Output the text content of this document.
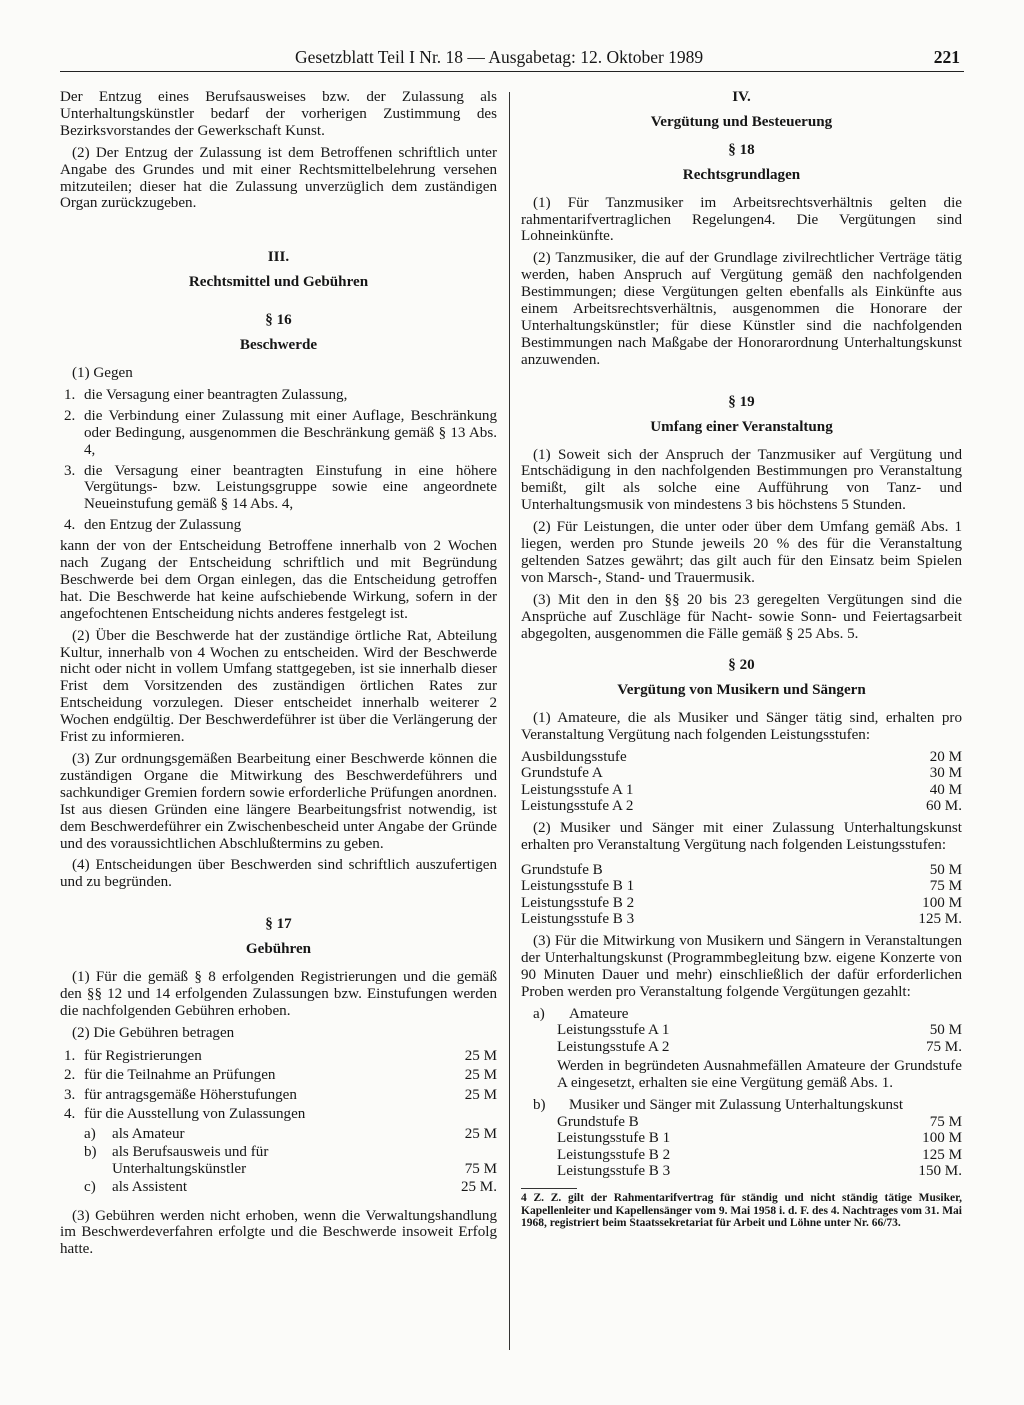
Gesetzblatt Teil I Nr. 18 — Ausgabetag: 12. Oktober 1989	221

Der Entzug eines Berufsausweises bzw. der Zulassung als Unterhaltungskünstler bedarf der vorherigen Zustimmung des Bezirksvorstandes der Gewerkschaft Kunst.

(2) Der Entzug der Zulassung ist dem Betroffenen schriftlich unter Angabe des Grundes und mit einer Rechtsmittelbelehrung versehen mitzuteilen; dieser hat die Zulassung unverzüglich dem zuständigen Organ zurückzugeben.

III.
Rechtsmittel und Gebühren
§ 16
Beschwerde

(1) Gegen

1. die Versagung einer beantragten Zulassung,
2. die Verbindung einer Zulassung mit einer Auflage, Beschränkung oder Bedingung, ausgenommen die Beschränkung gemäß § 13 Abs. 4,
3. die Versagung einer beantragten Einstufung in eine höhere Vergütungs- bzw. Leistungsgruppe sowie eine angeordnete Neueinstufung gemäß § 14 Abs. 4,
4. den Entzug der Zulassung

kann der von der Entscheidung Betroffene innerhalb von 2 Wochen nach Zugang der Entscheidung schriftlich und mit Begründung Beschwerde bei dem Organ einlegen, das die Entscheidung getroffen hat. Die Beschwerde hat keine aufschiebende Wirkung, sofern in der angefochtenen Entscheidung nichts anderes festgelegt ist.

(2) Über die Beschwerde hat der zuständige örtliche Rat, Abteilung Kultur, innerhalb von 4 Wochen zu entscheiden. Wird der Beschwerde nicht oder nicht in vollem Umfang stattgegeben, ist sie innerhalb dieser Frist dem Vorsitzenden des zuständigen örtlichen Rates zur Entscheidung vorzulegen. Dieser entscheidet innerhalb weiterer 2 Wochen endgültig. Der Beschwerdeführer ist über die Verlängerung der Frist zu informieren.

(3) Zur ordnungsgemäßen Bearbeitung einer Beschwerde können die zuständigen Organe die Mitwirkung des Beschwerdeführers und sachkundiger Gremien fordern sowie erforderliche Prüfungen anordnen. Ist aus diesen Gründen eine längere Bearbeitungsfrist notwendig, ist dem Beschwerdeführer ein Zwischenbescheid unter Angabe der Gründe und des voraussichtlichen Abschlußtermins zu geben.

(4) Entscheidungen über Beschwerden sind schriftlich auszufertigen und zu begründen.

§ 17
Gebühren

(1) Für die gemäß § 8 erfolgenden Registrierungen und die gemäß den §§ 12 und 14 erfolgenden Zulassungen bzw. Einstufungen werden die nachfolgenden Gebühren erhoben.

(2) Die Gebühren betragen

1. für Registrierungen	25 M
2. für die Teilnahme an Prüfungen	25 M
3. für antragsgemäße Höherstufungen	25 M
4. für die Ausstellung von Zulassungen
a)	als Amateur	25 M
b)	als Berufsausweis und für Unterhaltungskünstler	75 M
c)	als Assistent	25 M.

(3) Gebühren werden nicht erhoben, wenn die Verwaltungshandlung im Beschwerdeverfahren erfolgte und die Beschwerde insoweit Erfolg hatte.

IV.
Vergütung und Besteuerung
§ 18
Rechtsgrundlagen

(1) Für Tanzmusiker im Arbeitsrechtsverhältnis gelten die rahmentarifvertraglichen Regelungen4. Die Vergütungen sind Lohneinkünfte.

(2) Tanzmusiker, die auf der Grundlage zivilrechtlicher Verträge tätig werden, haben Anspruch auf Vergütung gemäß den nachfolgenden Bestimmungen; diese Vergütungen gelten ebenfalls als Einkünfte aus einem Arbeitsrechtsverhältnis, ausgenommen die Honorare der Unterhaltungskünstler; für diese Künstler sind die nachfolgenden Bestimmungen nach Maßgabe der Honorarordnung Unterhaltungskunst anzuwenden.

§ 19
Umfang einer Veranstaltung

(1) Soweit sich der Anspruch der Tanzmusiker auf Vergütung und Entschädigung in den nachfolgenden Bestimmungen pro Veranstaltung bemißt, gilt als solche eine Aufführung von Tanz- und Unterhaltungsmusik von mindestens 3 bis höchstens 5 Stunden.

(2) Für Leistungen, die unter oder über dem Umfang gemäß Abs. 1 liegen, werden pro Stunde jeweils 20 % des für die Veranstaltung geltenden Satzes gewährt; das gilt auch für den Einsatz beim Spielen von Marsch-, Stand- und Trauermusik.

(3) Mit den in den §§ 20 bis 23 geregelten Vergütungen sind die Ansprüche auf Zuschläge für Nacht- sowie Sonn- und Feiertagsarbeit abgegolten, ausgenommen die Fälle gemäß § 25 Abs. 5.

§ 20
Vergütung von Musikern und Sängern

(1) Amateure, die als Musiker und Sänger tätig sind, erhalten pro Veranstaltung Vergütung nach folgenden Leistungsstufen:

Ausbildungsstufe	20 M
Grundstufe A	30 M
Leistungsstufe A 1	40 M
Leistungsstufe A 2	60 M.

(2) Musiker und Sänger mit einer Zulassung Unterhaltungskunst erhalten pro Veranstaltung Vergütung nach folgenden Leistungsstufen:

Grundstufe B	50 M
Leistungsstufe B 1	75 M
Leistungsstufe B 2	100 M
Leistungsstufe B 3	125 M.

(3) Für die Mitwirkung von Musikern und Sängern in Veranstaltungen der Unterhaltungskunst (Programmbegleitung bzw. eigene Konzerte von 90 Minuten Dauer und mehr) einschließlich der dafür erforderlichen Proben werden pro Veranstaltung folgende Vergütungen gezahlt:

a)	Amateure
Leistungsstufe A 1	50 M
Leistungsstufe A 2	75 M.

Werden in begründeten Ausnahmefällen Amateure der Grundstufe A eingesetzt, erhalten sie eine Vergütung gemäß Abs. 1.

b)	Musiker und Sänger mit Zulassung Unterhaltungskunst
Grundstufe B	75 M
Leistungsstufe B 1	100 M
Leistungsstufe B 2	125 M
Leistungsstufe B 3	150 M.
4 Z. Z. gilt der Rahmentarifvertrag für ständig und nicht ständig tätige Musiker, Kapellenleiter und Kapellensänger vom 9. Mai 1958 i. d. F. des 4. Nachtrages vom 31. Mai 1968, registriert beim Staatssekretariat für Arbeit und Löhne unter Nr. 66/73.
